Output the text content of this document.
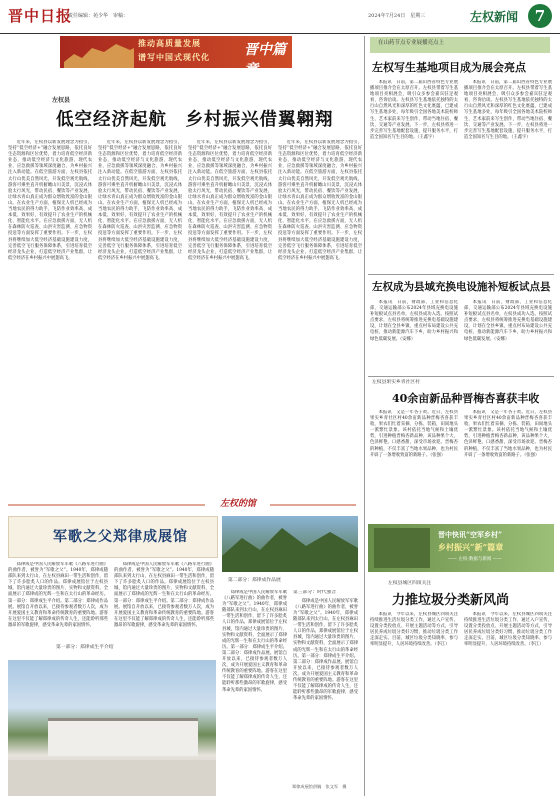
晋中日报
责任编辑：苑少华　审稿：	2024年7月24日　星期三	左权新闻	7
推动高质量发展
谱写中国式现代化 晋中篇章
左权县
低空经济起航　乡村振兴借翼翱翔

近年来，左权县以新发展理念为指引，坚持“低空经济+”融合发展思路，依托良好生态资源和区位优势，着力培育低空经济新业态，推动低空经济与文化旅游、现代农业、应急救援等领域深度融合，为乡村振兴注入新动能。在低空旅游方面，左权县依托太行山优美自然风光，开发低空观光航线，游客可乘坐直升机俯瞰山川美景，沉浸式体验太行风光，带动民宿、餐饮等产业发展，让绿水青山真正成为群众增收致富的金山银山。在农业生产方面，植保无人机已经成为当地农民的得力助手，飞防作业效率高、成本低、效果好，有效提升了农业生产的机械化、智能化水平。在应急救援方面，无人机在森林防火巡查、山洪灾害监测、应急物资投送等方面发挥了重要作用。下一步，左权县将继续加大低空经济基础设施建设力度，完善低空飞行服务保障体系，引进培育低空经济龙头企业，打造低空经济产业集群，让低空经济在乡村振兴中展翅高飞。

近年来，左权县以新发展理念为指引，坚持“低空经济+”融合发展思路，依托良好生态资源和区位优势，着力培育低空经济新业态，推动低空经济与文化旅游、现代农业、应急救援等领域深度融合，为乡村振兴注入新动能。在低空旅游方面，左权县依托太行山优美自然风光，开发低空观光航线，游客可乘坐直升机俯瞰山川美景，沉浸式体验太行风光，带动民宿、餐饮等产业发展，让绿水青山真正成为群众增收致富的金山银山。在农业生产方面，植保无人机已经成为当地农民的得力助手，飞防作业效率高、成本低、效果好，有效提升了农业生产的机械化、智能化水平。在应急救援方面，无人机在森林防火巡查、山洪灾害监测、应急物资投送等方面发挥了重要作用。下一步，左权县将继续加大低空经济基础设施建设力度，完善低空飞行服务保障体系，引进培育低空经济龙头企业，打造低空经济产业集群，让低空经济在乡村振兴中展翅高飞。

近年来，左权县以新发展理念为指引，坚持“低空经济+”融合发展思路，依托良好生态资源和区位优势，着力培育低空经济新业态，推动低空经济与文化旅游、现代农业、应急救援等领域深度融合，为乡村振兴注入新动能。在低空旅游方面，左权县依托太行山优美自然风光，开发低空观光航线，游客可乘坐直升机俯瞰山川美景，沉浸式体验太行风光，带动民宿、餐饮等产业发展，让绿水青山真正成为群众增收致富的金山银山。在农业生产方面，植保无人机已经成为当地农民的得力助手，飞防作业效率高、成本低、效果好，有效提升了农业生产的机械化、智能化水平。在应急救援方面，无人机在森林防火巡查、山洪灾害监测、应急物资投送等方面发挥了重要作用。下一步，左权县将继续加大低空经济基础设施建设力度，完善低空飞行服务保障体系，引进培育低空经济龙头企业，打造低空经济产业集群，让低空经济在乡村振兴中展翅高飞。

近年来，左权县以新发展理念为指引，坚持“低空经济+”融合发展思路，依托良好生态资源和区位优势，着力培育低空经济新业态，推动低空经济与文化旅游、现代农业、应急救援等领域深度融合，为乡村振兴注入新动能。在低空旅游方面，左权县依托太行山优美自然风光，开发低空观光航线，游客可乘坐直升机俯瞰山川美景，沉浸式体验太行风光，带动民宿、餐饮等产业发展，让绿水青山真正成为群众增收致富的金山银山。在农业生产方面，植保无人机已经成为当地农民的得力助手，飞防作业效率高、成本低、效果好，有效提升了农业生产的机械化、智能化水平。在应急救援方面，无人机在森林防火巡查、山洪灾害监测、应急物资投送等方面发挥了重要作用。下一步，左权县将继续加大低空经济基础设施建设力度，完善低空飞行服务保障体系，引进培育低空经济龙头企业，打造低空经济产业集群，让低空经济在乡村振兴中展翅高飞。

在山药节点专业展播亮点上
左权写生基地项目成为展会亮点

本报讯　日前，第二届山西省特色专业展播项目推介会在太原召开。左权县带着写生基地项目亮相展会，吸引众多参会嘉宾驻足观看、咨询洽谈。左权县写生基地依托独特的太行山自然风光和深厚的红色文化底蕴，已建成写生基地多处，每年吸引全国各地美术院校师生、艺术家前来写生创作，带动当地住宿、餐饮、交通等产业发展。下一步，左权县将进一步完善写生基地配套设施，提升服务水平，打造全国知名写生目的地。（王鑫宇）

本报讯　日前，第二届山西省特色专业展播项目推介会在太原召开。左权县带着写生基地项目亮相展会，吸引众多参会嘉宾驻足观看、咨询洽谈。左权县写生基地依托独特的太行山自然风光和深厚的红色文化底蕴，已建成写生基地多处，每年吸引全国各地美术院校师生、艺术家前来写生创作，带动当地住宿、餐饮、交通等产业发展。下一步，左权县将进一步完善写生基地配套设施，提升服务水平，打造全国知名写生目的地。（王鑫宇）

左权成为县域充换电设施补短板试点县

本报讯　日前，财政部、工业和信息化部、交通运输部公布2024年县域充换电设施补短板试点县名单，左权县成功入选。按照试点要求，左权县将统筹推进充换电基础设施建设，计划在全县乡镇、重点村布局建设公共充电桩，推动新能源汽车下乡，助力乡村振兴和绿色低碳发展。（安娜）

本报讯　日前，财政部、工业和信息化部、交通运输部公布2024年县域充换电设施补短板试点县名单，左权县成功入选。按照试点要求，左权县将统筹推进充换电基础设施建设，计划在全县乡镇、重点村布局建设公共充电桩，推动新能源汽车下乡，助力乡村振兴和绿色低碳发展。（安娜）

左权县果实乡青社区村
40余亩新品种晋梅杏喜获丰收

本报讯　又是一年杏子黄。近日，左权县果实乡青社区村40余亩新品种晋梅杏喜获丰收，果农们忙着采摘、分拣、装箱，田间地头一派繁忙景象。该村依托当地气候和土壤优势，引进种植晋梅杏新品种，该品种果个大、色泽鲜艳、口感香甜，深受市场欢迎。晋梅杏的种植，不仅丰富了当地水果品种，也为村民开辟了一条增收致富的新路子。（张强）

本报讯　又是一年杏子黄。近日，左权县果实乡青社区村40余亩新品种晋梅杏喜获丰收，果农们忙着采摘、分拣、装箱，田间地头一派繁忙景象。该村依托当地气候和土壤优势，引进种植晋梅杏新品种，该品种果个大、色泽鲜艳、口感香甜，深受市场欢迎。晋梅杏的种植，不仅丰富了当地水果品种，也为村民开辟了一条增收致富的新路子。（张强）

晋中快讯“空军乡村”
乡村振兴“新”篇章
—— 左权·数据与新闻 ——
左权县城区四项关注
力推垃圾分类新风尚

本报讯　今年以来，左权县城区四项关注持续推进生活垃圾分类工作，通过入户宣传、设置分类投放点、开展主题活动等方式，引导居民养成垃圾分类好习惯，推动垃圾分类工作走深走实。目前，城区垃圾分类知晓率、参与率明显提升，人居环境持续改善。（李江）

本报讯　今年以来，左权县城区四项关注持续推进生活垃圾分类工作，通过入户宣传、设置分类投放点、开展主题活动等方式，引导居民养成垃圾分类好习惯，推动垃圾分类工作走深走实。目前，城区垃圾分类知晓率、参与率明显提升，人居环境持续改善。（李江）

左权的馆
军歌之父郑律成展馆

郑律成是中国人民解放军军歌《八路军进行曲》的曲作者，被誉为“军歌之父”。1940年，郑律成随部队来到太行山，在左权县麻田一带生活和创作，留下了许多脍炙人口的作品。郑律成展馆位于左权县城，馆内通过大量珍贵的图片、实物和文献资料，全面展示了郑律成的光辉一生和在太行山的革命经历。第一部分：郑律成生平介绍。第二部分：郑律成作品展。展馆自开放以来，已接待参观者数万人次，成为开展爱国主义教育和革命传统教育的重要阵地。游客在这里不仅能了解郑律成的传奇人生，还能聆听那些激昂的军歌旋律，感受革命先辈的家国情怀。

郑律成是中国人民解放军军歌《八路军进行曲》的曲作者，被誉为“军歌之父”。1940年，郑律成随部队来到太行山，在左权县麻田一带生活和创作，留下了许多脍炙人口的作品。郑律成展馆位于左权县城，馆内通过大量珍贵的图片、实物和文献资料，全面展示了郑律成的光辉一生和在太行山的革命经历。第一部分：郑律成生平介绍。第二部分：郑律成作品展。展馆自开放以来，已接待参观者数万人次，成为开展爱国主义教育和革命传统教育的重要阵地。游客在这里不仅能了解郑律成的传奇人生，还能聆听那些激昂的军歌旋律，感受革命先辈的家国情怀。

第一部分：郑律成生平介绍
第二部分：郑律成作品展

郑律成是中国人民解放军军歌《八路军进行曲》的曲作者，被誉为“军歌之父”。1940年，郑律成随部队来到太行山，在左权县麻田一带生活和创作，留下了许多脍炙人口的作品。郑律成展馆位于左权县城，馆内通过大量珍贵的图片、实物和文献资料，全面展示了郑律成的光辉一生和在太行山的革命经历。第一部分：郑律成生平介绍。第二部分：郑律成作品展。展馆自开放以来，已接待参观者数万人次，成为开展爱国主义教育和革命传统教育的重要阵地。游客在这里不仅能了解郑律成的传奇人生，还能聆听那些激昂的军歌旋律，感受革命先辈的家国情怀。

第三部分：时代强音

郑律成是中国人民解放军军歌《八路军进行曲》的曲作者，被誉为“军歌之父”。1940年，郑律成随部队来到太行山，在左权县麻田一带生活和创作，留下了许多脍炙人口的作品。郑律成展馆位于左权县城，馆内通过大量珍贵的图片、实物和文献资料，全面展示了郑律成的光辉一生和在太行山的革命经历。第一部分：郑律成生平介绍。第二部分：郑律成作品展。展馆自开放以来，已接待参观者数万人次，成为开展爱国主义教育和革命传统教育的重要阵地。游客在这里不仅能了解郑律成的传奇人生，还能聆听那些激昂的军歌旋律，感受革命先辈的家国情怀。

郑律成展馆供稿　张文军　摄
